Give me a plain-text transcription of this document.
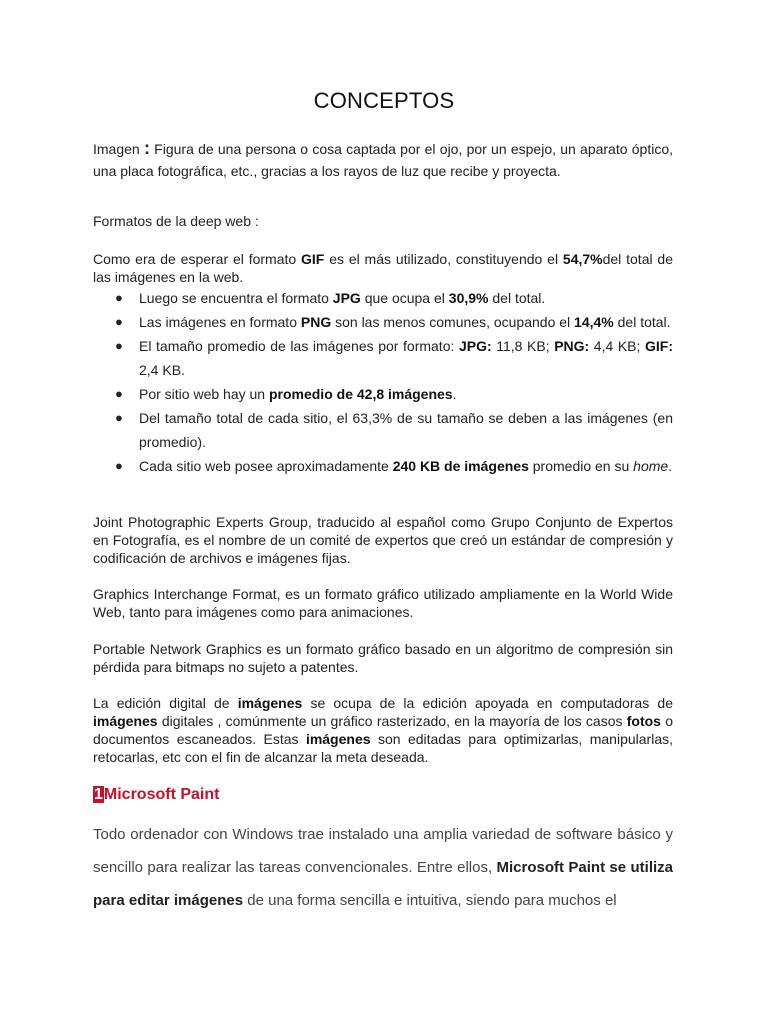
CONCEPTOS
Imagen : Figura de una persona o cosa captada por el ojo, por un espejo, un aparato óptico, una placa fotográfica, etc., gracias a los rayos de luz que recibe y proyecta.
Formatos de la deep web :
Como era de esperar el formato GIF es el más utilizado, constituyendo el 54,7%del total de las imágenes en la web.
● Luego se encuentra el formato JPG que ocupa el 30,9% del total.
● Las imágenes en formato PNG son las menos comunes, ocupando el 14,4% del total.
● El tamaño promedio de las imágenes por formato: JPG: 11,8 KB; PNG: 4,4 KB; GIF: 2,4 KB.
● Por sitio web hay un promedio de 42,8 imágenes.
● Del tamaño total de cada sitio, el 63,3% de su tamaño se deben a las imágenes (en promedio).
● Cada sitio web posee aproximadamente 240 KB de imágenes promedio en su home.
Joint Photographic Experts Group, traducido al español como Grupo Conjunto de Expertos en Fotografía, es el nombre de un comité de expertos que creó un estándar de compresión y codificación de archivos e imágenes fijas.
Graphics Interchange Format, es un formato gráfico utilizado ampliamente en la World Wide Web, tanto para imágenes como para animaciones.
Portable Network Graphics es un formato gráfico basado en un algoritmo de compresión sin pérdida para bitmaps no sujeto a patentes.
La edición digital de imágenes se ocupa de la edición apoyada en computadoras de imágenes digitales , comúnmente un gráfico rasterizado, en la mayoría de los casos fotos o documentos escaneados. Estas imágenes son editadas para optimizarlas, manipularlas, retocarlas, etc con el fin de alcanzar la meta deseada.
1Microsoft Paint
Todo ordenador con Windows trae instalado una amplia variedad de software básico y sencillo para realizar las tareas convencionales. Entre ellos, Microsoft Paint se utiliza para editar imágenes de una forma sencilla e intuitiva, siendo para muchos el
